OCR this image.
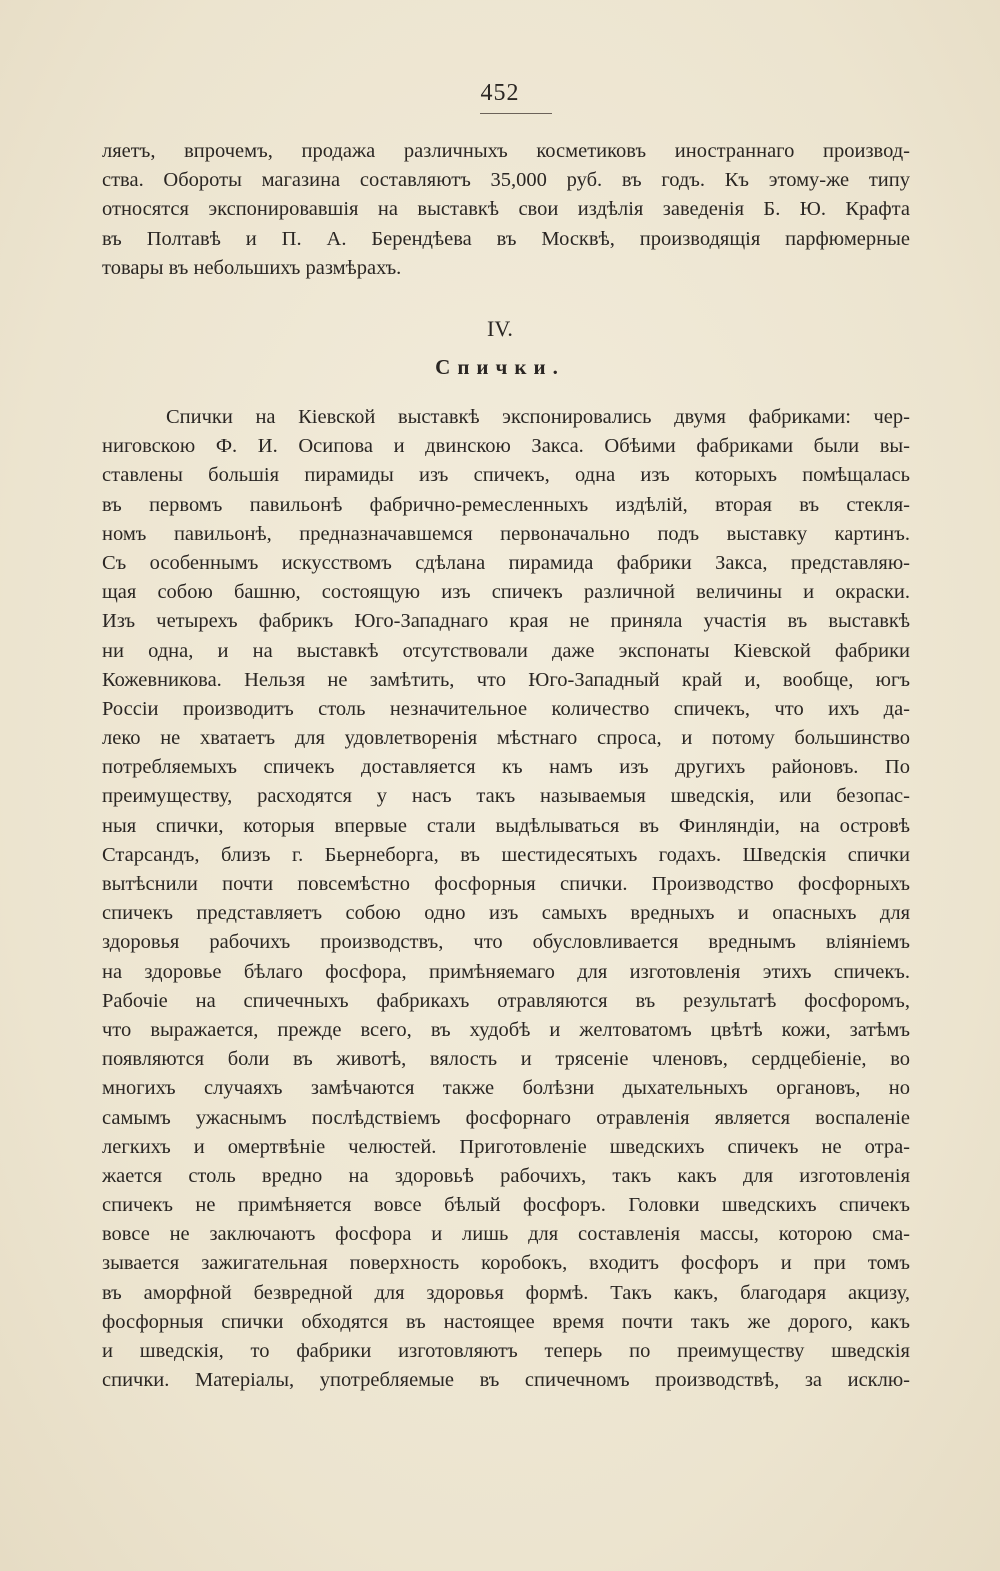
452
ляетъ, впрочемъ, продажа различныхъ косметиковъ иностраннаго производ-
ства. Обороты магазина составляютъ 35,000 руб. въ годъ. Къ этому-же типу
относятся экспонировавшія на выставкѣ свои издѣлія заведенія Б. Ю. Крафта
въ Полтавѣ и П. А. Берендѣева въ Москвѣ, производящія парфюмерные
товары въ небольшихъ размѣрахъ.
IV.
Спички.
Спички на Кіевской выставкѣ экспонировались двумя фабриками: чер-
ниговскою Ф. И. Осипова и двинскою Закса. Обѣими фабриками были вы-
ставлены большія пирамиды изъ спичекъ, одна изъ которыхъ помѣщалась
въ первомъ павильонѣ фабрично-ремесленныхъ издѣлій, вторая въ стекля-
номъ павильонѣ, предназначавшемся первоначально подъ выставку картинъ.
Съ особеннымъ искусствомъ сдѣлана пирамида фабрики Закса, представляю-
щая собою башню, состоящую изъ спичекъ различной величины и окраски.
Изъ четырехъ фабрикъ Юго-Западнаго края не приняла участія въ выставкѣ
ни одна, и на выставкѣ отсутствовали даже экспонаты Кіевской фабрики
Кожевникова. Нельзя не замѣтить, что Юго-Западный край и, вообще, югъ
Россіи производитъ столь незначительное количество спичекъ, что ихъ да-
леко не хватаетъ для удовлетворенія мѣстнаго спроса, и потому большинство
потребляемыхъ спичекъ доставляется къ намъ изъ другихъ районовъ. По
преимуществу, расходятся у насъ такъ называемыя шведскія, или безопас-
ныя спички, которыя впервые стали выдѣлываться въ Финляндіи, на островѣ
Старсандъ, близъ г. Бьернеборга, въ шестидесятыхъ годахъ. Шведскія спички
вытѣснили почти повсемѣстно фосфорныя спички. Производство фосфорныхъ
спичекъ представляетъ собою одно изъ самыхъ вредныхъ и опасныхъ для
здоровья рабочихъ производствъ, что обусловливается вреднымъ вліяніемъ
на здоровье бѣлаго фосфора, примѣняемаго для изготовленія этихъ спичекъ.
Рабочіе на спичечныхъ фабрикахъ отравляются въ результатѣ фосфоромъ,
что выражается, прежде всего, въ худобѣ и желтоватомъ цвѣтѣ кожи, затѣмъ
появляются боли въ животѣ, вялость и трясеніе членовъ, сердцебіеніе, во
многихъ случаяхъ замѣчаются также болѣзни дыхательныхъ органовъ, но
самымъ ужаснымъ послѣдствіемъ фосфорнаго отравленія является воспаленіе
легкихъ и омертвѣніе челюстей. Приготовленіе шведскихъ спичекъ не отра-
жается столь вредно на здоровьѣ рабочихъ, такъ какъ для изготовленія
спичекъ не примѣняется вовсе бѣлый фосфоръ. Головки шведскихъ спичекъ
вовсе не заключаютъ фосфора и лишь для составленія массы, которою сма-
зывается зажигательная поверхность коробокъ, входитъ фосфоръ и при томъ
въ аморфной безвредной для здоровья формѣ. Такъ какъ, благодаря акцизу,
фосфорныя спички обходятся въ настоящее время почти такъ же дорого, какъ
и шведскія, то фабрики изготовляютъ теперь по преимуществу шведскія
спички. Матеріалы, употребляемые въ спичечномъ производствѣ, за исклю-
